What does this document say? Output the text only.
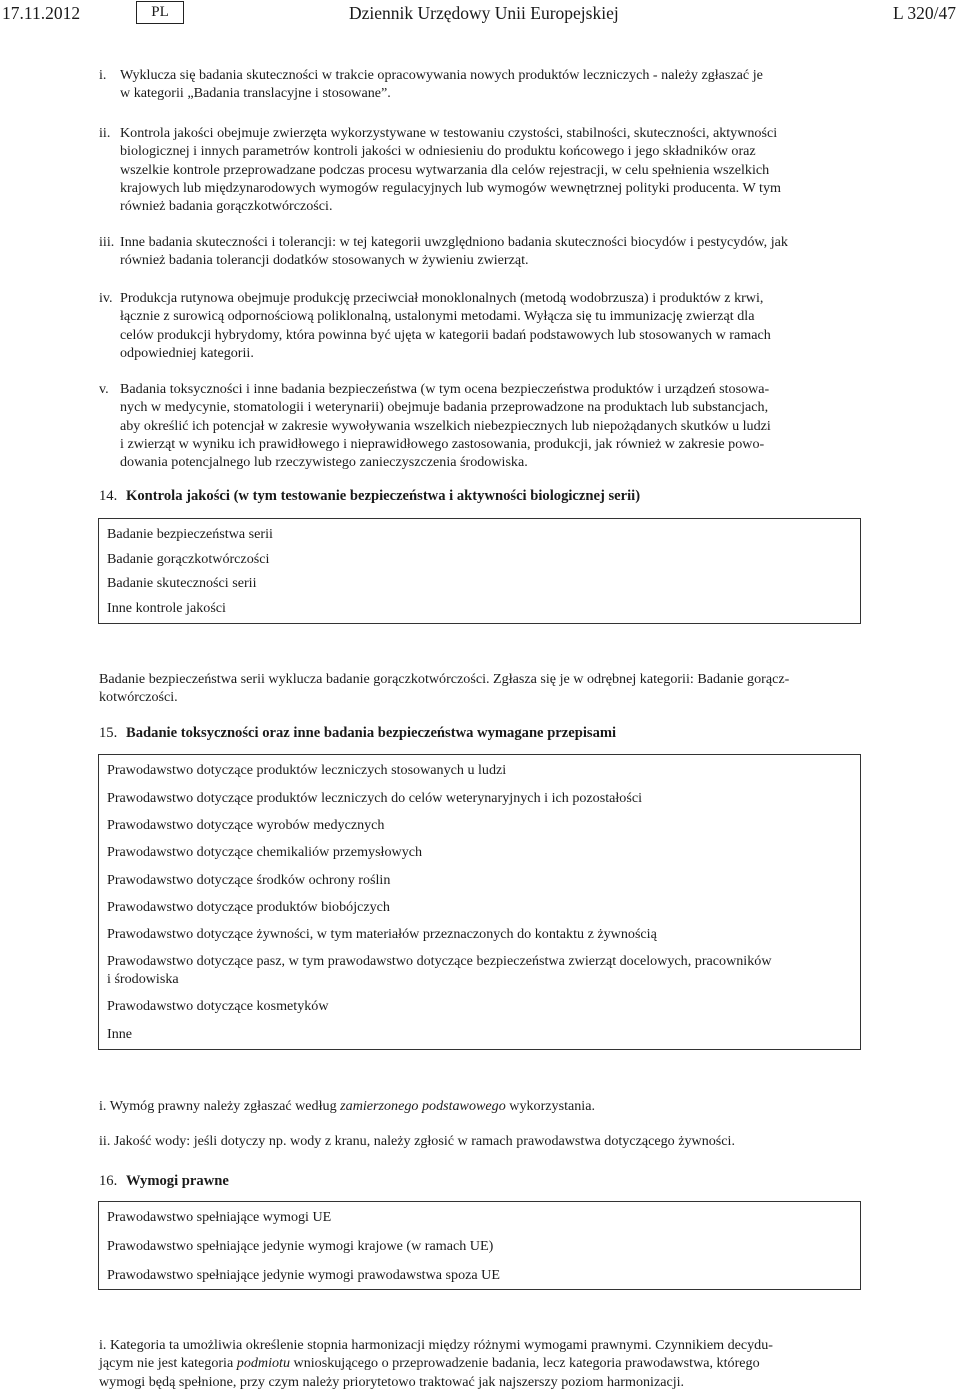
17.11.2012	PL	Dziennik Urzędowy Unii Europejskiej	L 320/47
i. Wyklucza się badania skuteczności w trakcie opracowywania nowych produktów leczniczych - należy zgłaszać je
w kategorii „Badania translacyjne i stosowane”.
ii. Kontrola jakości obejmuje zwierzęta wykorzystywane w testowaniu czystości, stabilności, skuteczności, aktywności
biologicznej i innych parametrów kontroli jakości w odniesieniu do produktu końcowego i jego składników oraz
wszelkie kontrole przeprowadzane podczas procesu wytwarzania dla celów rejestracji, w celu spełnienia wszelkich
krajowych lub międzynarodowych wymogów regulacyjnych lub wymogów wewnętrznej polityki producenta. W tym
również badania gorączkotwórczości.
iii. Inne badania skuteczności i tolerancji: w tej kategorii uwzględniono badania skuteczności biocydów i pestycydów, jak
również badania tolerancji dodatków stosowanych w żywieniu zwierząt.
iv. Produkcja rutynowa obejmuje produkcję przeciwciał monoklonalnych (metodą wodobrzusza) i produktów z krwi,
łącznie z surowicą odpornościową poliklonalną, ustalonymi metodami. Wyłącza się tu immunizację zwierząt dla
celów produkcji hybrydomy, która powinna być ujęta w kategorii badań podstawowych lub stosowanych w ramach
odpowiedniej kategorii.
v. Badania toksyczności i inne badania bezpieczeństwa (w tym ocena bezpieczeństwa produktów i urządzeń stosowa-
nych w medycynie, stomatologii i weterynarii) obejmuje badania przeprowadzone na produktach lub substancjach,
aby określić ich potencjał w zakresie wywoływania wszelkich niebezpiecznych lub niepożądanych skutków u ludzi
i zwierząt w wyniku ich prawidłowego i nieprawidłowego zastosowania, produkcji, jak również w zakresie powo-
dowania potencjalnego lub rzeczywistego zanieczyszczenia środowiska.
14. Kontrola jakości (w tym testowanie bezpieczeństwa i aktywności biologicznej serii)
Badanie bezpieczeństwa serii
Badanie gorączkotwórczości
Badanie skuteczności serii
Inne kontrole jakości
Badanie bezpieczeństwa serii wyklucza badanie gorączkotwórczości. Zgłasza się je w odrębnej kategorii: Badanie gorącz-
kotwórczości.
15. Badanie toksyczności oraz inne badania bezpieczeństwa wymagane przepisami
Prawodawstwo dotyczące produktów leczniczych stosowanych u ludzi
Prawodawstwo dotyczące produktów leczniczych do celów weterynaryjnych i ich pozostałości
Prawodawstwo dotyczące wyrobów medycznych
Prawodawstwo dotyczące chemikaliów przemysłowych
Prawodawstwo dotyczące środków ochrony roślin
Prawodawstwo dotyczące produktów biobójczych
Prawodawstwo dotyczące żywności, w tym materiałów przeznaczonych do kontaktu z żywnością
Prawodawstwo dotyczące pasz, w tym prawodawstwo dotyczące bezpieczeństwa zwierząt docelowych, pracowników
i środowiska
Prawodawstwo dotyczące kosmetyków
Inne
i. Wymóg prawny należy zgłaszać według zamierzonego podstawowego wykorzystania.
ii. Jakość wody: jeśli dotyczy np. wody z kranu, należy zgłosić w ramach prawodawstwa dotyczącego żywności.
16. Wymogi prawne
Prawodawstwo spełniające wymogi UE
Prawodawstwo spełniające jedynie wymogi krajowe (w ramach UE)
Prawodawstwo spełniające jedynie wymogi prawodawstwa spoza UE
i. Kategoria ta umożliwia określenie stopnia harmonizacji między różnymi wymogami prawnymi. Czynnikiem decydu-
jącym nie jest kategoria podmiotu wnioskującego o przeprowadzenie badania, lecz kategoria prawodawstwa, którego
wymogi będą spełnione, przy czym należy priorytetowo traktować jak najszerszy poziom harmonizacji.
